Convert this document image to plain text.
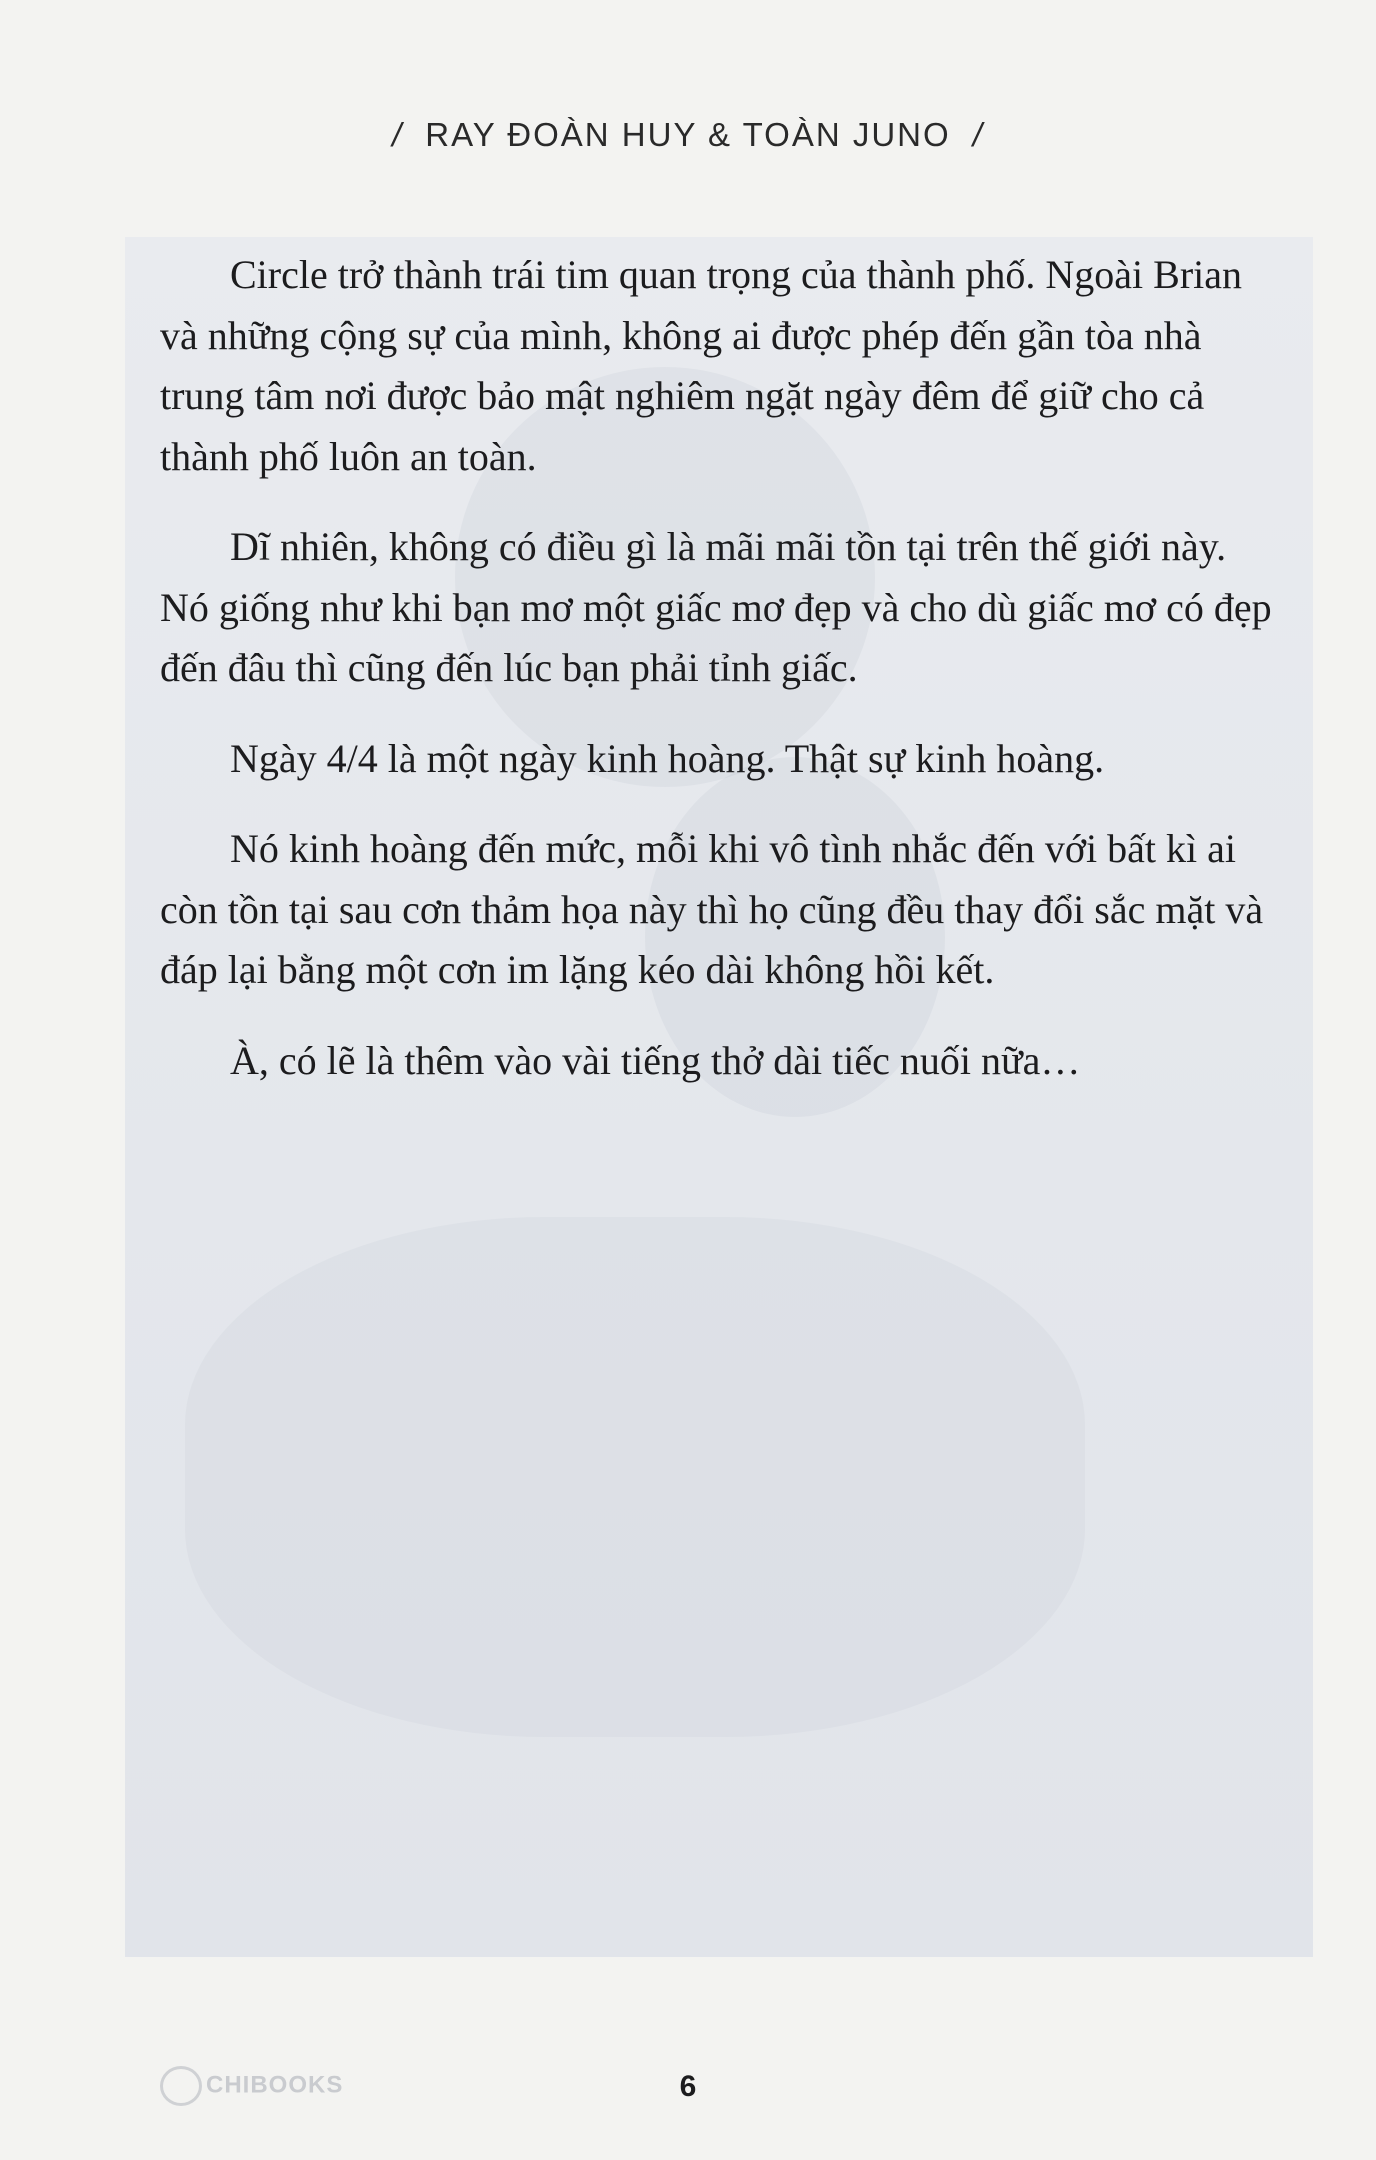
/ RAY ĐOÀN HUY & TOÀN JUNO /

Circle trở thành trái tim quan trọng của thành phố. Ngoài Brian và những cộng sự của mình, không ai được phép đến gần tòa nhà trung tâm nơi được bảo mật nghiêm ngặt ngày đêm để giữ cho cả thành phố luôn an toàn.

Dĩ nhiên, không có điều gì là mãi mãi tồn tại trên thế giới này. Nó giống như khi bạn mơ một giấc mơ đẹp và cho dù giấc mơ có đẹp đến đâu thì cũng đến lúc bạn phải tỉnh giấc.

Ngày 4/4 là một ngày kinh hoàng. Thật sự kinh hoàng.

Nó kinh hoàng đến mức, mỗi khi vô tình nhắc đến với bất kì ai còn tồn tại sau cơn thảm họa này thì họ cũng đều thay đổi sắc mặt và đáp lại bằng một cơn im lặng kéo dài không hồi kết.

À, có lẽ là thêm vào vài tiếng thở dài tiếc nuối nữa…

CHIBOOKS	6
